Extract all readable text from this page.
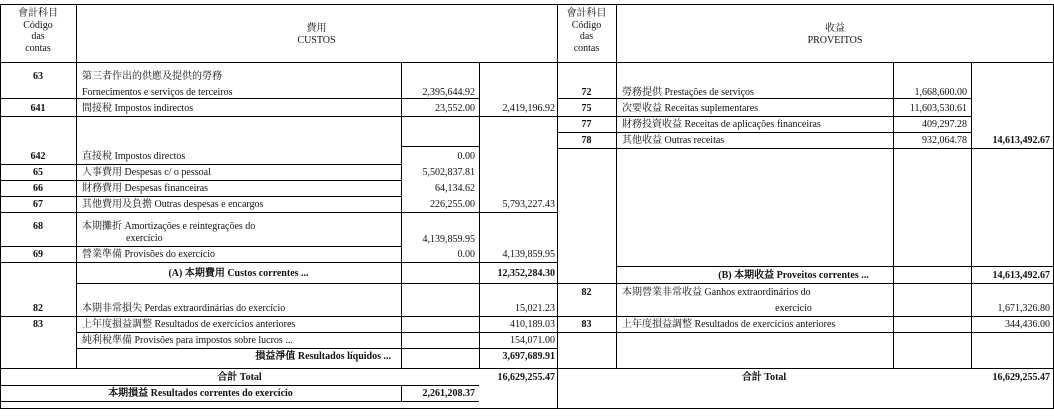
會計科目
Código
das
contas
費用
CUSTOS
會計科目
Código
das
contas
收益
PROVEITOS
63	第三者作出的供應及提供的勞務
Fornecimentos e serviços de terceiros	2,395,644.92
641	間接稅 Impostos indirectos	23,552.00	2,419,196.92
642	直接稅 Impostos directos	0.00
65	人事費用 Despesas c/ o pessoal	5,502,837.81
66	財務費用 Despesas financeiras	64,134.62
67	其他費用及負擔 Outras despesas e encargos	226,255.00	5,793,227.43
68	本期攤折 Amortizações e reintegrações do
exercício	4,139,859.95
69	營業準備 Provisões do exercício	0.00	4,139,859.95
(A) 本期費用 Custos correntes ...	12,352,284.30
82	本期非常損失 Perdas extraordinárias do exercício	15,021.23
83	上年度損益調整 Resultados de exercícios anteriores	410,189.03
純利稅準備 Provisões para impostos sobre lucros ...	154,071.00
損益淨值 Resultados líquidos ...	3,697,689.91
合計 Total	16,629,255.47
本期損益 Resultados correntes do exercício	2,261,208.37
72	勞務提供 Prestações de serviços	1,668,600.00
75	次要收益 Receitas suplementares	11,603,530.61
77	財務投資收益 Receitas de aplicações financeiras	409,297.28
78	其他收益 Outras receitas	932,064.78	14,613,492.67
(B) 本期收益 Proveitos correntes ...	14,613,492.67
82	本期營業非常收益 Ganhos extraordinários do
exercício	1,671,326.80
83	上年度損益調整 Resultados de exercícios anteriores	344,436.00
合計 Total	16,629,255.47
